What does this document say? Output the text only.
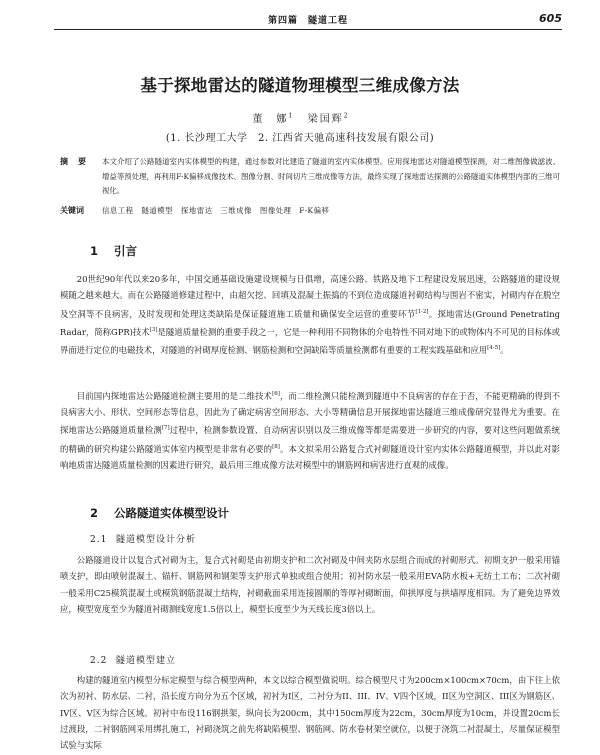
第四篇　隧道工程	605
基于探地雷达的隧道物理模型三维成像方法
董　娜$^1$ 梁国辉$^2$
(1. 长沙理工大学　2. 江西省天驰高速科技发展有限公司)
摘　要 本文介绍了公路隧道室内实体模型的构建，通过参数对比建造了隧道的室内实体模型。应用探地雷达对隧道模型探测，对二维图像做滤波、增益等预处理，再利用F-K偏移成像技术、图像分割、时间切片三维成像等方法，最终实现了探地雷达探测的公路隧道实体模型内部的三维可视化。
关键词 信息工程　隧道模型　探地雷达　三维成像　图像处理　F-K偏移
1 引言
20世纪90年代以来20多年，中国交通基础设施建设规模与日俱增，高速公路、铁路及地下工程建设发展迅速，公路隧道的建设规模随之越来越大。而在公路隧道修建过程中，由超欠挖、回填及混凝土振捣的不到位造成隧道衬砌结构与围岩不密实，衬砌内存在脱空及空洞等不良病害，及时发现和处理这类缺陷是保证隧道施工质量和确保安全运营的重要环节[1-2]。探地雷达(Ground Penetrating Radar，简称GPR)技术[3]是隧道质量检测的重要手段之一，它是一种利用不同物体的介电特性不同对地下的或物体内不可见的目标体或界面进行定位的电磁技术，对隧道的衬砌厚度检测、钢筋检测和空洞缺陷等质量检测都有重要的工程实践基础和应用[4-5]。
目前国内探地雷达公路隧道检测主要用的是二维技术[6]，而二维检测只能检测到隧道中不良病害的存在于否，不能更精确的得到不良病害大小、形状、空间形态等信息，因此为了确定病害空间形态、大小等精确信息开展探地雷达隧道三维成像研究显得尤为重要。在探地雷达公路隧道质量检测[7]过程中，检测参数设置、自动病害识别以及三维成像等都是需要进一步研究的内容，要对这些问题做系统的精确的研究构建公路隧道实体室内模型是非常有必要的[8]。本文拟采用公路复合式衬砌隧道设计室内实体公路隧道模型，并以此对影响地质雷达隧道质量检测的因素进行研究，最后用三维成像方法对模型中的钢筋网和病害进行直观的成像。
2 公路隧道实体模型设计
2.1 隧道模型设计分析
公路隧道设计以复合式衬砌为主，复合式衬砌是由初期支护和二次衬砌及中间夹防水层组合而成的衬砌形式。初期支护一般采用锚喷支护，即由喷射混凝土、锚杆、钢筋网和钢架等支护形式单独或组合使用；初衬防水层一般采用EVA防水板+无纺土工布；二次衬砌一般采用C25模筑混凝土或模筑钢筋混凝土结构，衬砌截面采用连接圆顺的等厚衬砌断面，仰拱厚度与拱墙厚度相同。为了避免边界效应，模型宽度至少为隧道衬砌测线宽度1.5倍以上，模型长度至少为天线长度3倍以上。
2.2 隧道模型建立
构建的隧道室内模型分标定模型与综合模型两种，本文以综合模型做说明。综合模型尺寸为200cm×100cm×70cm，由下往上依次为初衬、防水层、二衬，沿长度方向分为五个区域，初衬为I区，二衬分为II、III、IV、V四个区域，II区为空洞区、III区为钢筋区、IV区、V区为综合区域。初衬中布设116钢拱架，纵向长为200cm，其中150cm厚度为22cm，30cm厚度为10cm，并设置20cm长过渡段，二衬钢筋网采用绑扎施工，衬砌浇筑之前先将缺陷模型、钢筋网、防水卷材架空就位，以便于浇筑二衬混凝土，尽量保证模型试验与实际
